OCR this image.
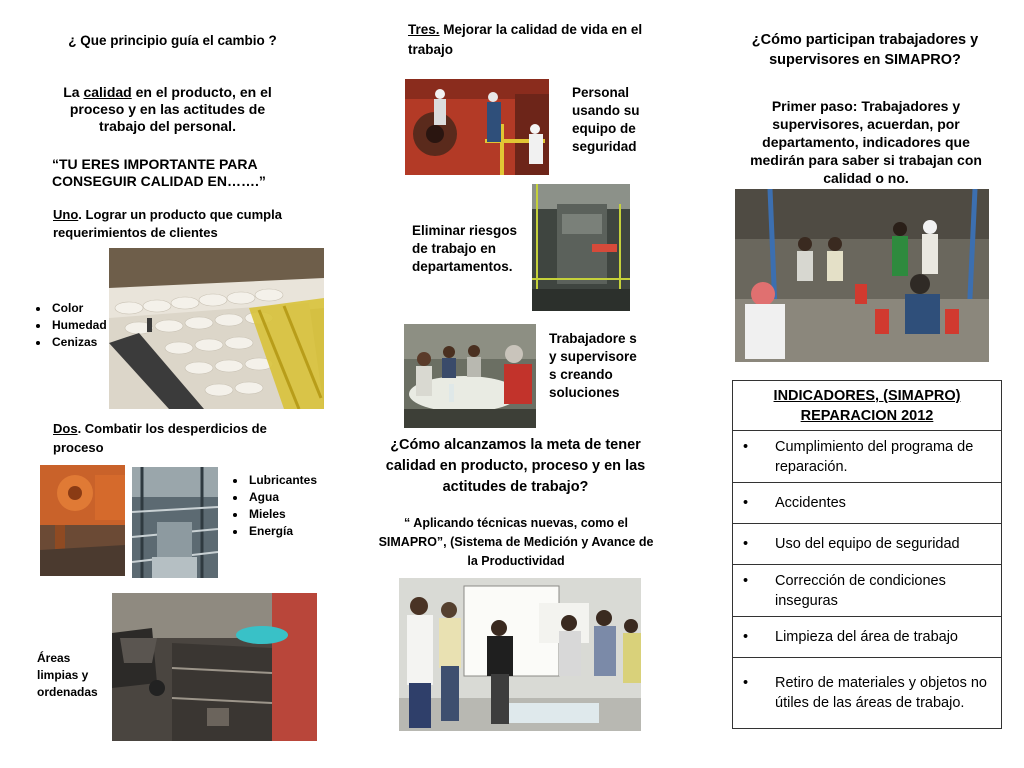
¿ Que principio guía el cambio ?
La calidad en el producto, en el proceso y en las actitudes de trabajo del personal.
“TU ERES IMPORTANTE PARA CONSEGUIR CALIDAD EN…….”
Uno. Lograr un producto que cumpla requerimientos de clientes
• Color
• Humedad
• Cenizas
Dos. Combatir los desperdicios de proceso
• Lubricantes
• Agua
• Mieles
• Energía
Áreas limpias y ordenadas
Tres. Mejorar la calidad de vida en el trabajo
Personal usando su equipo de seguridad
Eliminar riesgos de trabajo en departamentos.
Trabajadore s y supervisore s creando soluciones
¿Cómo alcanzamos la meta de tener calidad en producto, proceso y en las actitudes de trabajo?
“ Aplicando técnicas nuevas, como el SIMAPRO”, (Sistema de Medición y Avance de la Productividad
¿Cómo participan trabajadores y supervisores en SIMAPRO?
Primer paso: Trabajadores y supervisores, acuerdan, por departamento, indicadores que medirán para saber si trabajan con calidad o no.
INDICADORES, (SIMAPRO)
REPARACION 2012

•	Cumplimiento del programa de reparación.

•	Accidentes

•	Uso del equipo de seguridad

•	Corrección de condiciones inseguras

•	Limpieza del área de trabajo

•	Retiro de materiales y objetos no útiles de las áreas de trabajo.
